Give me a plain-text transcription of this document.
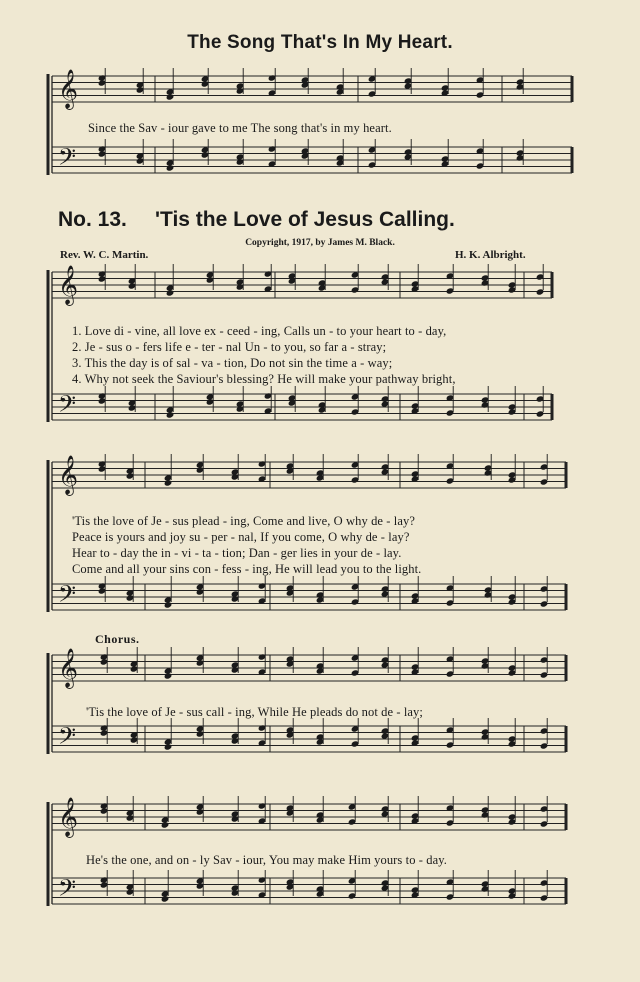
𝄞
𝄢
𝄞
𝄢
𝄞
𝄢
𝄞
𝄢
𝄞
𝄢
The Song That's In My Heart.
Since the Sav - iour gave to me The song that's in my heart.
No. 13. 'Tis the Love of Jesus Calling.
Copyright, 1917, by James M. Black.
Rev. W. C. Martin.	H. K. Albright.
1. Love di - vine, all love ex - ceed - ing, Calls un - to your heart to - day,
2. Je - sus o - fers life e - ter - nal Un - to you, so far a - stray;
3. This the day is of sal - va - tion, Do not sin the time a - way;
4. Why not seek the Saviour's blessing? He will make your pathway bright,
'Tis the love of Je - sus plead - ing, Come and live, O why de - lay?
Peace is yours and joy su - per - nal, If you come, O why de - lay?
Hear to - day the in - vi - ta - tion; Dan - ger lies in your de - lay.
Come and all your sins con - fess - ing, He will lead you to the light.
Chorus.
'Tis the love of Je - sus call - ing, While He pleads do not de - lay;
He's the one, and on - ly Sav - iour, You may make Him yours to - day.
